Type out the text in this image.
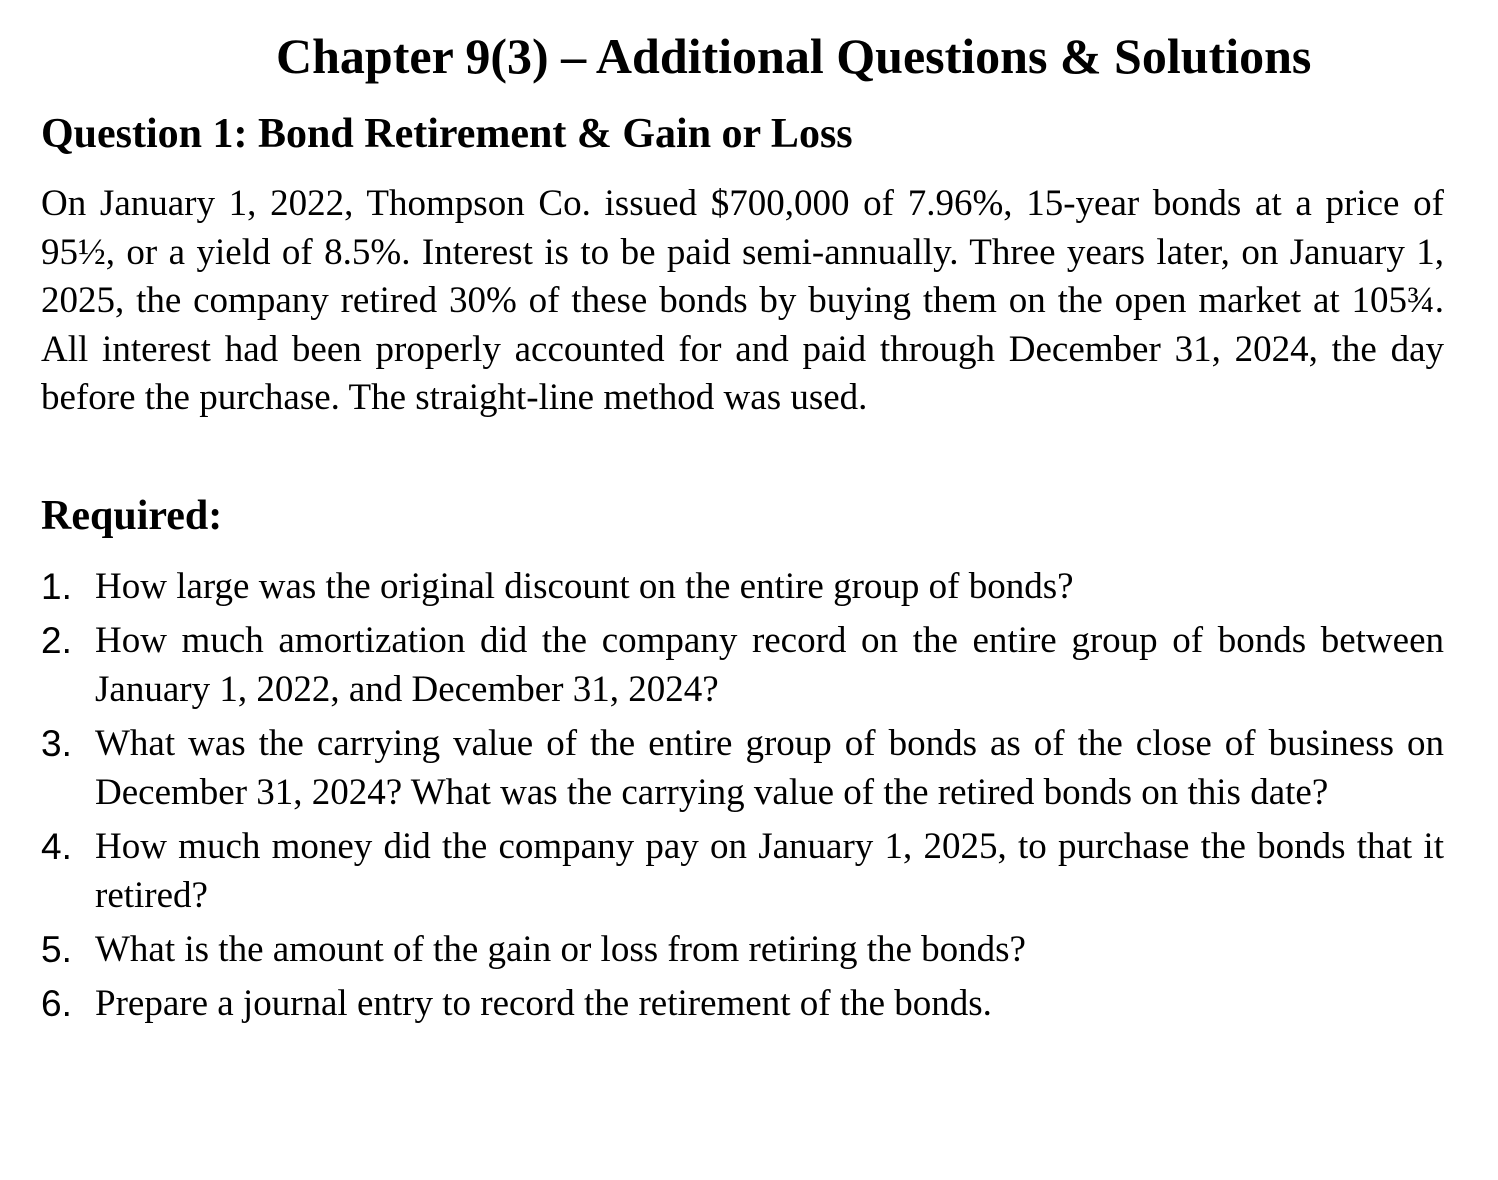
Chapter 9(3) – Additional Questions & Solutions
Question 1: Bond Retirement & Gain or Loss

On January 1, 2022, Thompson Co. issued $700,000 of 7.96%, 15-year bonds at a price of 95½, or a yield of 8.5%. Interest is to be paid semi-annually. Three years later, on January 1, 2025, the company retired 30% of these bonds by buying them on the open market at 105¾. All interest had been properly accounted for and paid through December 31, 2024, the day before the purchase. The straight-line method was used.

Required:
1. How large was the original discount on the entire group of bonds?
2. How much amortization did the company record on the entire group of bonds between January 1, 2022, and December 31, 2024?
3. What was the carrying value of the entire group of bonds as of the close of business on December 31, 2024? What was the carrying value of the retired bonds on this date?
4. How much money did the company pay on January 1, 2025, to purchase the bonds that it retired?
5. What is the amount of the gain or loss from retiring the bonds?
6. Prepare a journal entry to record the retirement of the bonds.
